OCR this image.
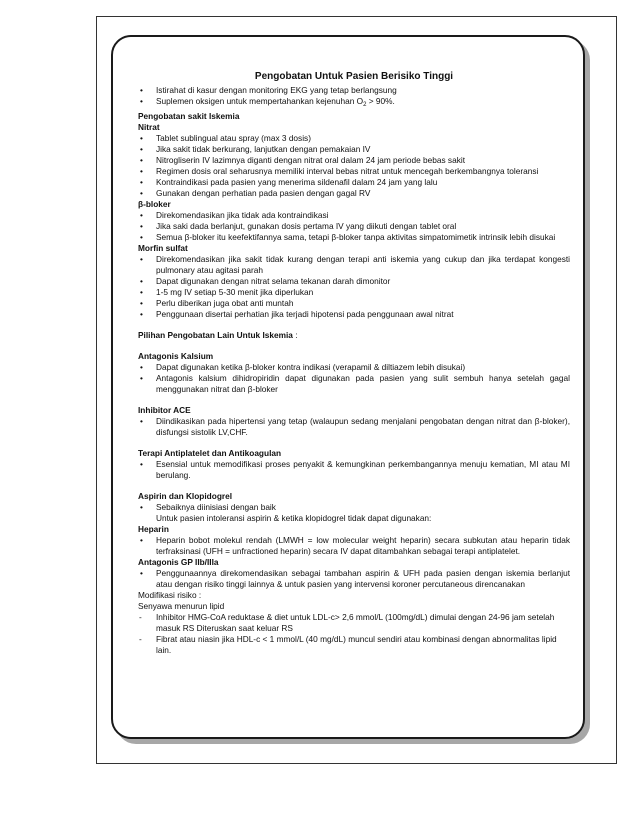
Pengobatan Untuk Pasien Berisiko Tinggi
• Istirahat di kasur dengan monitoring EKG yang tetap berlangsung
• Suplemen oksigen untuk mempertahankan kejenuhan $O_2 > 90\%$.
Pengobatan sakit Iskemia
Nitrat
• Tablet sublingual atau spray (max 3 dosis)
• Jika sakit tidak berkurang, lanjutkan dengan pemakaian IV
• Nitrogliserin IV lazimnya diganti dengan nitrat oral dalam 24 jam periode bebas sakit
• Regimen dosis oral seharusnya memiliki interval bebas nitrat untuk mencegah berkembangnya toleransi
• Kontraindikasi pada pasien yang menerima sildenafil dalam 24 jam yang lalu
• Gunakan dengan perhatian pada pasien dengan gagal RV
β-bloker
• Direkomendasikan jika tidak ada kontraindikasi
• Jika saki dada berlanjut, gunakan dosis pertama IV yang diikuti dengan tablet oral
• Semua β-bloker itu keefektifannya sama, tetapi β-bloker tanpa aktivitas simpatomimetik intrinsik lebih disukai
Morfin sulfat
• Direkomendasikan jika sakit tidak kurang dengan terapi anti iskemia yang cukup dan jika terdapat kongesti pulmonary atau agitasi parah
• Dapat digunakan dengan nitrat selama tekanan darah dimonitor
• 1-5 mg IV setiap 5-30 menit jika diperlukan
• Perlu diberikan juga obat anti muntah
• Penggunaan disertai perhatian jika terjadi hipotensi pada penggunaan awal nitrat
Pilihan Pengobatan Lain Untuk Iskemia :
Antagonis Kalsium
• Dapat digunakan ketika β-bloker kontra indikasi (verapamil & diltiazem lebih disukai)
• Antagonis kalsium dihidropiridin dapat digunakan pada pasien yang sulit sembuh hanya setelah gagal menggunakan nitrat dan β-bloker
Inhibitor ACE
• Diindikasikan pada hipertensi yang tetap (walaupun sedang menjalani pengobatan dengan nitrat dan β-bloker), disfungsi sistolik LV,CHF.
Terapi Antiplatelet dan Antikoagulan
• Esensial untuk memodifikasi proses penyakit & kemungkinan perkembangannya menuju kematian, MI atau MI berulang.
Aspirin dan Klopidogrel
• Sebaiknya diinisiasi dengan baik
Untuk pasien intoleransi aspirin & ketika klopidogrel tidak dapat digunakan:
Heparin
• Heparin bobot molekul rendah (LMWH = low molecular weight heparin) secara subkutan atau heparin tidak terfraksinasi (UFH = unfractioned heparin) secara IV dapat ditambahkan sebagai terapi antiplatelet.
Antagonis GP IIb/IIIa
• Penggunaannya direkomendasikan sebagai tambahan aspirin & UFH pada pasien dengan iskemia berlanjut atau dengan risiko tinggi lainnya & untuk pasien yang intervensi koroner percutaneous direncanakan
Modifikasi risiko :
Senyawa menurun lipid
- Inhibitor HMG-CoA reduktase & diet untuk LDL-c> 2,6 mmol/L (100mg/dL) dimulai dengan 24-96 jam setelah masuk RS Diteruskan saat keluar RS
- Fibrat atau niasin jika HDL-c < 1 mmol/L (40 mg/dL) muncul sendiri atau kombinasi dengan abnormalitas lipid lain.
